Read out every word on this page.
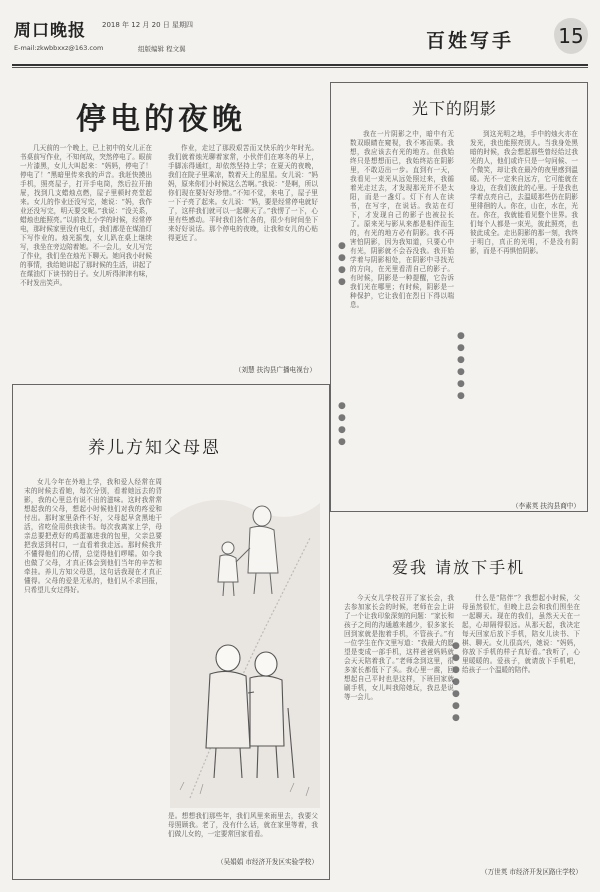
周口晚报 2018 年 12 月 20 日 星期四
E-mail:zkwbbxxz@163.com	组版编辑 程文翼	百姓写手 15
停电的夜晚
几天前的一个晚上，已上初中的女儿正在书桌前写作业，不知何故，突然停电了。眼前一片漆黑，女儿大叫起来：“妈妈，停电了！停电了！”黑暗里传来我的声音。我赶快摸出手机，照亮屋子，打开手电筒，然后拉开抽屉，找到几支蜡烛点燃，屋子里顿时亮堂起来。女儿的作业还没写完，她说：“妈，我作业还没写完，明天要交呢。”我说：“没关系，蜡烛也能照亮。”以前我上小学的时候，经常停电，那时候家里没有电灯，我们都是在煤油灯下写作业的。烛光摇曳，女儿趴在桌上继续写，我坐在旁边陪着她。不一会儿，女儿写完了作业，我们坐在烛光下聊天。她问我小时候的事情，我给她讲起了那时候的生活，讲起了在煤油灯下读书的日子。女儿听得津津有味，不时发出笑声。
作业，走过了那段艰苦而又快乐的少年时光。我们就着烛光聊着家常，小伙伴们在寒冬的早上，手脚冻得通红，却依然坚持上学；在夏天的夜晚，我们在院子里乘凉，数着天上的星星。女儿说：“妈妈，原来你们小时候这么苦啊。”我说：“是啊，所以你们现在要好好珍惜。”不知不觉，来电了，屋子里一下子亮了起来。女儿说：“妈，要是经常停电就好了，这样我们就可以一起聊天了。”我愣了一下，心里有些感动。平时我们各忙各的，很少有时间坐下来好好说话。那个停电的夜晚，让我和女儿的心贴得更近了。
（刘慧 扶沟县广播电视台）
光下的阴影
●
●
●
●
●
●
●
●
●
●
●
●
●
●
我在一片阴影之中，暗中有无数双眼睛在窥视，我不寒而栗。我想，我应该去有光的地方。但我始终只是想想而已，我始终站在阴影里，不敢迈出一步。直到有一天，我看见一束光从远处照过来，我循着光走过去，才发现那光并不是太阳，而是一盏灯。灯下有人在读书，在写字，在说话。我站在灯下，才发现自己的影子也被拉长了。原来光与影从来都是相伴而生的，有光的地方必有阴影。我不再害怕阴影，因为我知道，只要心中有光，阴影就不会吞没我。我开始学着与阴影相处，在阴影中寻找光的方向，在光里看清自己的影子。有时候，阴影是一种提醒，它告诉我们光在哪里；有时候，阴影是一种保护，它让我们在烈日下得以喘息。
到这光明之地，手中的烛火亦在发光，我也能照亮别人。当我身处黑暗的时候，我会想起那些曾经给过我光的人，他们或许只是一句问候、一个微笑，却让我在最冷的夜里感到温暖。光不一定来自远方，它可能就在身边，在我们彼此的心里。于是我也学着点亮自己，去温暖那些仍在阴影里徘徊的人。你在，山在，水在，光在。你在，我就能看见整个世界。我们每个人都是一束光，彼此照亮，也彼此成全。走出阴影的那一刻，我终于明白，真正的光明，不是没有阴影，而是不再惧怕阴影。
（李素英 扶沟县商中）
养儿方知父母恩
女儿今年在外地上学，我和爱人经常在周末的时候去看她，每次分别，看着她远去的背影，我的心里总有说不出的滋味。这时我常常想起我的父母，想起小时候他们对我的疼爱和付出。那时家里条件不好，父母起早贪黑地干活，省吃俭用供我读书。每次我离家上学，母亲总要把煮好的鸡蛋塞进我的包里，父亲总要把我送到村口，一直看着我走远。那时候我并不懂得他们的心情，总觉得他们啰嗦。如今我也做了父母，才真正体会到他们当年的辛苦和牵挂。养儿方知父母恩，这句话我现在才真正懂得。父母的爱是无私的，他们从不求回报，只希望儿女过得好。
是。想想我们那些年，我们风里来雨里去，我要父母照顾我。老了，没有什么话，就在家里等着，我们做儿女的，一定要常回家看看。
（吴娟娟 市经济开发区实验学校）
爱我 请放下手机
●
●
●
●
●
●
●
今天女儿学校召开了家长会，我去参加家长会的时候，老师在会上讲了一个让我印象深刻的问题：“家长和孩子之间的沟通越来越少，很多家长回到家就是抱着手机，不管孩子。”有一位学生在作文里写道：“我最大的愿望是变成一部手机，这样爸爸妈妈就会天天陪着我了。”老师念到这里，很多家长都低下了头。我心里一震，回想起自己平时也是这样，下班回家就刷手机，女儿叫我陪她玩，我总是说等一会儿。
什么是“陪伴”？我想起小时候，父母虽然很忙，但晚上总会和我们围坐在一起聊天。现在的我们，虽然天天在一起，心却隔得很远。从那天起，我决定每天回家后放下手机，陪女儿读书、下棋、聊天。女儿很高兴，她说：“妈妈，你放下手机的样子真好看。”我听了，心里暖暖的。爱孩子，就请放下手机吧，给孩子一个温暖的陪伴。
（万世英 市经济开发区路庄学校）
